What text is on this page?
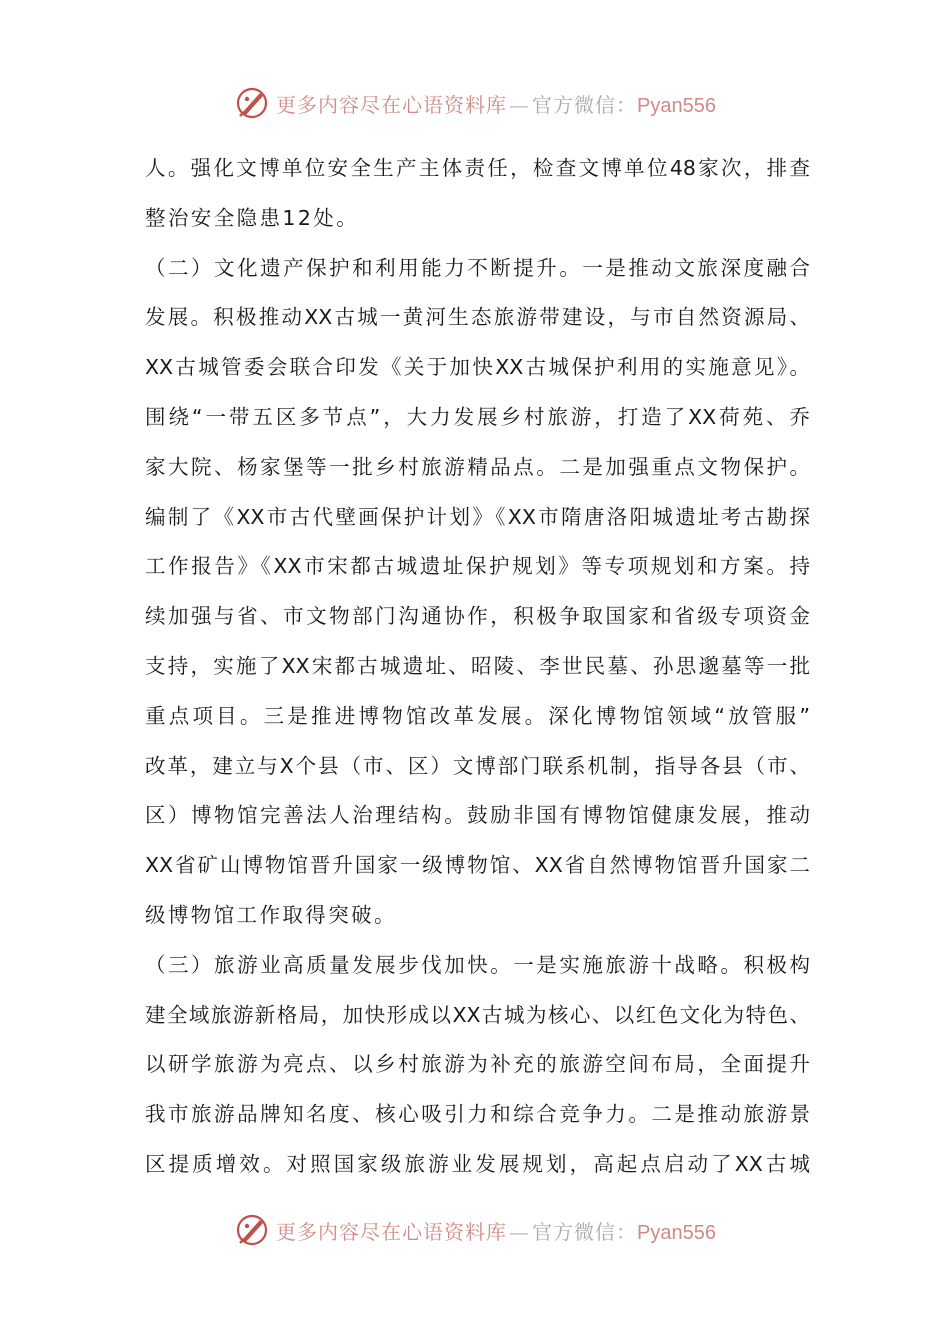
更多内容尽在心语资料库 — 官方微信：Pyan556
人。强化文博单位安全生产主体责任，检查文博单位48家次，排查
整治安全隐患12处。
（二）文化遗产保护和利用能力不断提升。一是推动文旅深度融合
发展。积极推动XX古城一黄河生态旅游带建设，与市自然资源局、
XX古城管委会联合印发《关于加快XX古城保护利用的实施意见》。
围绕“一带五区多节点”，大力发展乡村旅游，打造了XX荷苑、乔
家大院、杨家堡等一批乡村旅游精品点。二是加强重点文物保护。
编制了《XX市古代壁画保护计划》《XX市隋唐洛阳城遗址考古勘探
工作报告》《XX市宋都古城遗址保护规划》等专项规划和方案。持
续加强与省、市文物部门沟通协作，积极争取国家和省级专项资金
支持，实施了XX宋都古城遗址、昭陵、李世民墓、孙思邈墓等一批
重点项目。三是推进博物馆改革发展。深化博物馆领域“放管服”
改革，建立与X个县（市、区）文博部门联系机制，指导各县（市、
区）博物馆完善法人治理结构。鼓励非国有博物馆健康发展，推动
XX省矿山博物馆晋升国家一级博物馆、XX省自然博物馆晋升国家二
级博物馆工作取得突破。
（三）旅游业高质量发展步伐加快。一是实施旅游十战略。积极构
建全域旅游新格局，加快形成以XX古城为核心、以红色文化为特色、
以研学旅游为亮点、以乡村旅游为补充的旅游空间布局，全面提升
我市旅游品牌知名度、核心吸引力和综合竞争力。二是推动旅游景
区提质增效。对照国家级旅游业发展规划，高起点启动了XX古城
更多内容尽在心语资料库 — 官方微信：Pyan556
